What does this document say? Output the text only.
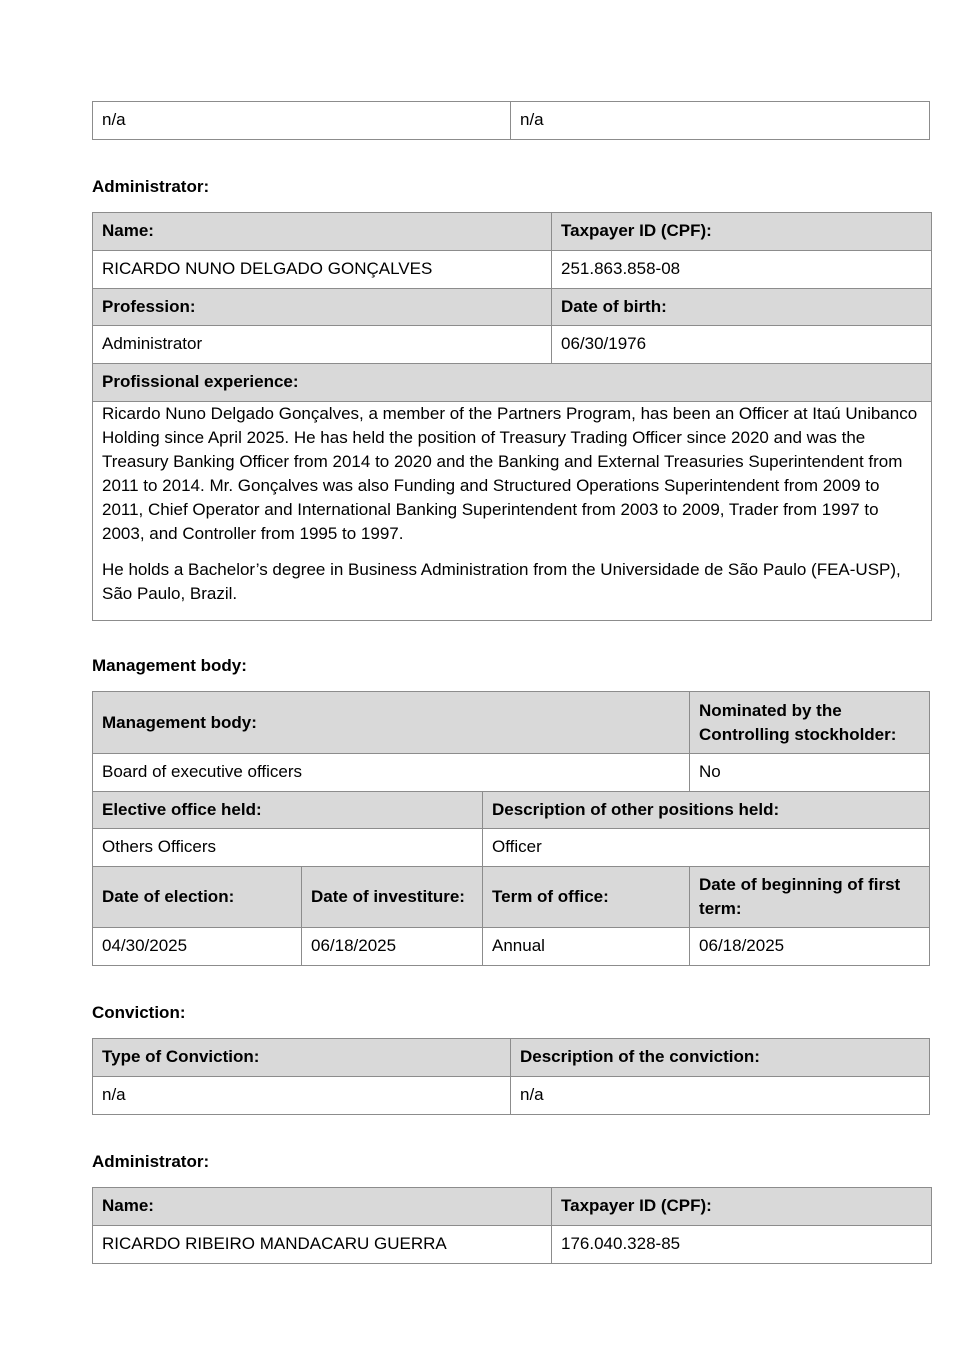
n/a	n/a
Administrator:
Name:	Taxpayer ID (CPF):
RICARDO NUNO DELGADO GONÇALVES	251.863.858-08
Profession:	Date of birth:
Administrator	06/30/1976
Profissional experience:	

Ricardo Nuno Delgado Gonçalves, a member of the Partners Program, has been an Officer at Itaú Unibanco Holding since April 2025. He has held the position of Treasury Trading Officer since 2020 and was the Treasury Banking Officer from 2014 to 2020 and the Banking and External Treasuries Superintendent from 2011 to 2014. Mr. Gonçalves was also Funding and Structured Operations Superintendent from 2009 to 2011, Chief Operator and International Banking Superintendent from 2003 to 2009, Trader from 1997 to 2003, and Controller from 1995 to 1997.

He holds a Bachelor’s degree in Business Administration from the Universidade de São Paulo (FEA-USP), São Paulo, Brazil.	

Management body:
Management body:			Nominated by the Controlling stockholder:
Board of executive officers			No
Elective office held:		Description of other positions held:	
Others Officers		Officer	
Date of election:	Date of investiture:	Term of office:	Date of beginning of first term:
04/30/2025	06/18/2025	Annual	06/18/2025
Conviction:
Type of Conviction:	Description of the conviction:
n/a	n/a
Administrator:
Name:	Taxpayer ID (CPF):
RICARDO RIBEIRO MANDACARU GUERRA	176.040.328-85
